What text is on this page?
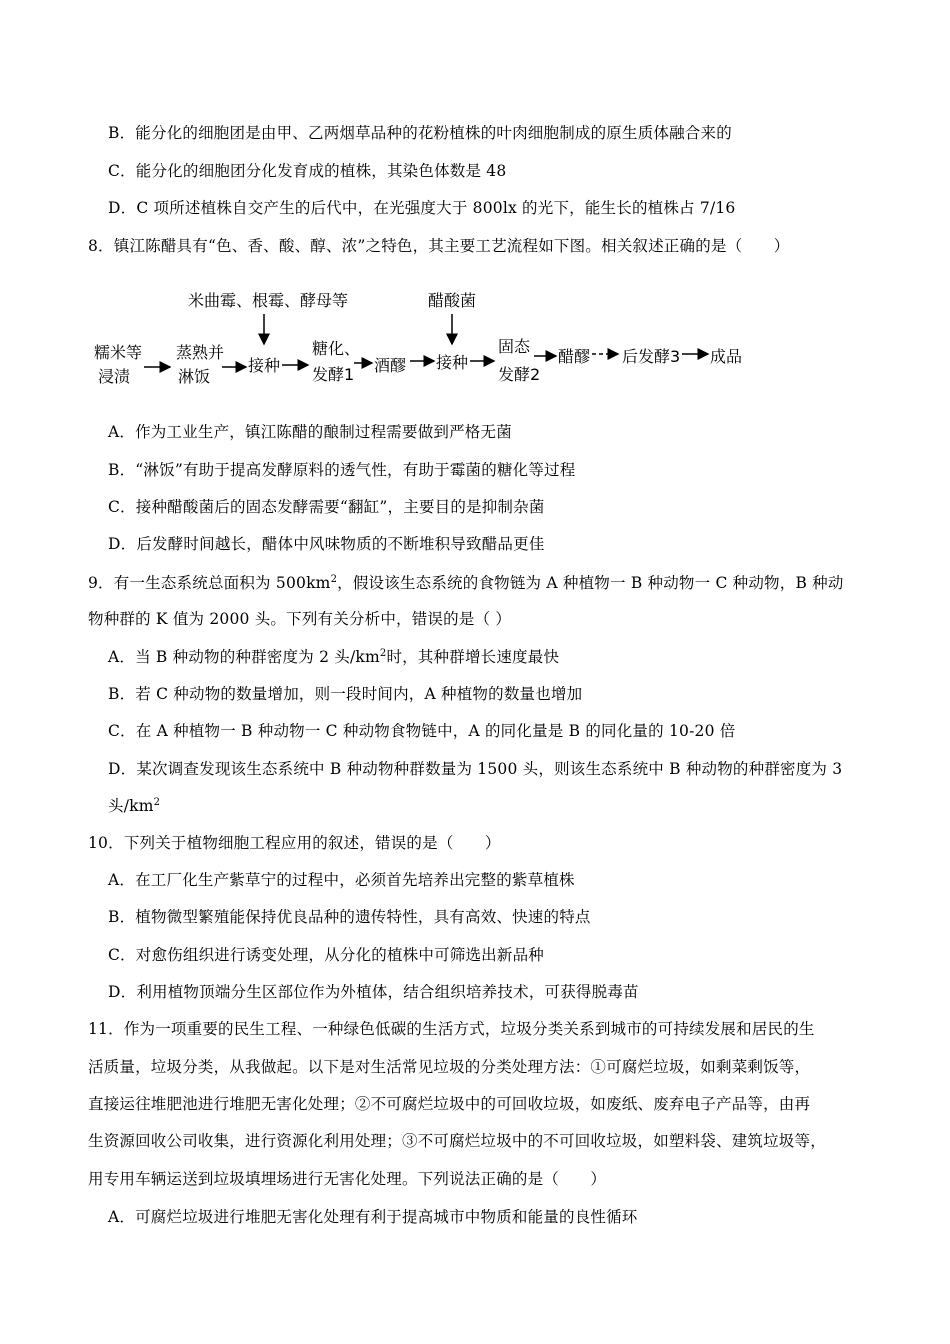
B．能分化的细胞团是由甲、乙两烟草品种的花粉植株的叶肉细胞制成的原生质体融合来的
C．能分化的细胞团分化发育成的植株，其染色体数是 48
D．C 项所述植株自交产生的后代中，在光强度大于 800lx 的光下，能生长的植株占 7/16
8．镇江陈醋具有“色、香、酸、醇、浓”之特色，其主要工艺流程如下图。相关叙述正确的是（　　）
米曲霉、根霉、酵母等	醋酸菌
糯米等
浸渍
蒸熟并
淋饭
接种
糖化、
发酵1 酒醪 接种
固态
发酵2
醋醪 后发酵3 成品
A．作为工业生产，镇江陈醋的酿制过程需要做到严格无菌
B．“淋饭”有助于提高发酵原料的透气性，有助于霉菌的糖化等过程
C．接种醋酸菌后的固态发酵需要“翻缸”，主要目的是抑制杂菌
D．后发酵时间越长，醋体中风味物质的不断堆积导致醋品更佳
9．有一生态系统总面积为 $500km^2$，假设该生态系统的食物链为 A 种植物一 B 种动物一 C 种动物，B 种动
物种群的 K 值为 2000 头。下列有关分析中，错误的是（ ）
A．当 B 种动物的种群密度为 2 头$/km^2$时，其种群增长速度最快
B．若 C 种动物的数量增加，则一段时间内，A 种植物的数量也增加
C．在 A 种植物一 B 种动物一 C 种动物食物链中，A 的同化量是 B 的同化量的 10-20 倍
D．某次调查发现该生态系统中 B 种动物种群数量为 1500 头，则该生态系统中 B 种动物的种群密度为 3
头$/km^2$
10．下列关于植物细胞工程应用的叙述，错误的是（　　）
A．在工厂化生产紫草宁的过程中，必须首先培养出完整的紫草植株
B．植物微型繁殖能保持优良品种的遗传特性，具有高效、快速的特点
C．对愈伤组织进行诱变处理，从分化的植株中可筛选出新品种
D．利用植物顶端分生区部位作为外植体，结合组织培养技术，可获得脱毒苗
11．作为一项重要的民生工程、一种绿色低碳的生活方式，垃圾分类关系到城市的可持续发展和居民的生
活质量，垃圾分类，从我做起。以下是对生活常见垃圾的分类处理方法：①可腐烂垃圾，如剩菜剩饭等，
直接运往堆肥池进行堆肥无害化处理；②不可腐烂垃圾中的可回收垃圾，如废纸、废弃电子产品等，由再
生资源回收公司收集，进行资源化利用处理；③不可腐烂垃圾中的不可回收垃圾，如塑料袋、建筑垃圾等，
用专用车辆运送到垃圾填埋场进行无害化处理。下列说法正确的是（　　）
A．可腐烂垃圾进行堆肥无害化处理有利于提高城市中物质和能量的良性循环
